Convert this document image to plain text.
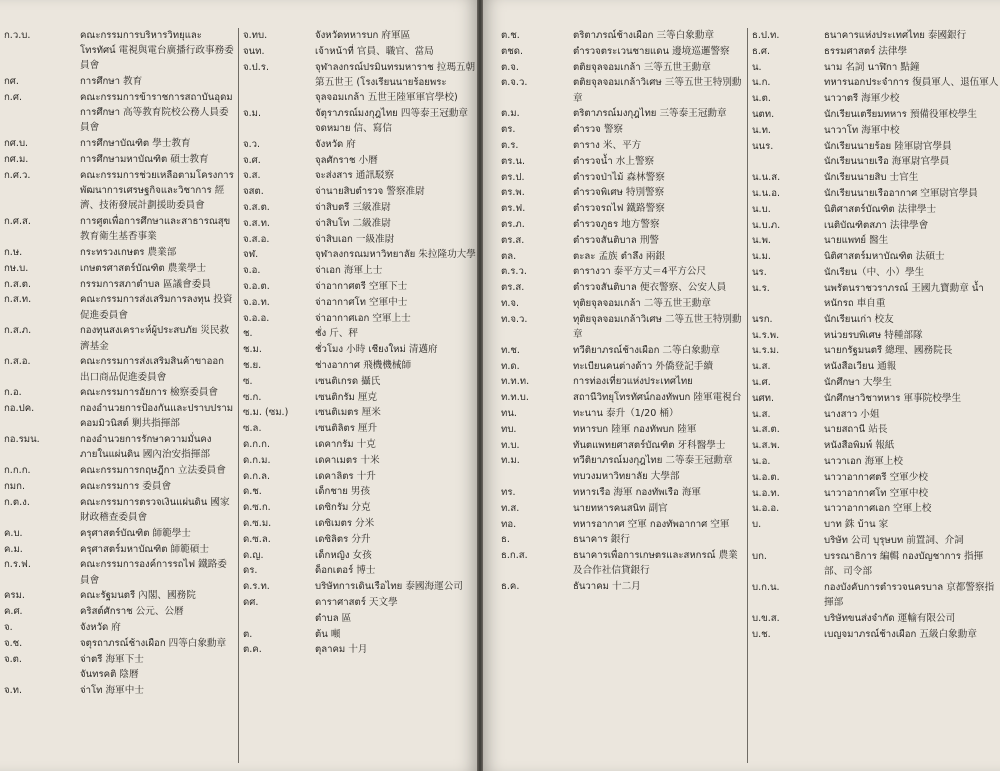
ก.ว.บ.	คณะกรรมการบริหารวิทยุและโทรทัศน์ 電視與電台廣播行政事務委員會
กศ.	การศึกษา 教育
ก.ศ.	คณะกรรมการข้าราชการสถาบันอุดมการศึกษา 高等教育院校公務人員委員會
กศ.บ.	การศึกษาบัณฑิต 學士教育
กศ.ม.	การศึกษามหาบัณฑิต 碩士教育
ก.ศ.ว.	คณะกรรมการช่วยเหลือตามโครงการพัฒนาการเศรษฐกิจและวิชาการ 經濟、技術發展計劃援助委員會
ก.ศ.ส.	การศูตเพื่อการศึกษาและสาธารณสุข 教育衛生基香事業
ก.ษ.	กระทรวงเกษตร 農業部
กษ.บ.	เกษตรศาสตร์บัณฑิต 農業學士
ก.ส.ต.	กรรมการสภาตำบล 區議會委員
ก.ส.ท.	คณะกรรมการส่งเสริมการลงทุน 投資促進委員會
ก.ส.ภ.	กองทุนสงเคราะห์ผู้ประสบภัย 災民救濟基金
ก.ส.อ.	คณะกรรมการส่งเสริมสินค้าขาออก 出口商品促進委員會
ก.อ.	คณะกรรมการอัยการ 檢察委員會
กอ.ปค.	กองอำนวยการป้องกันและปราบปรามคอมมิวนิสต์ 剿共指揮部
กอ.รมน.	กองอำนวยการรักษาความมั่นคงภายในแผ่นดิน 國內治安指揮部
ก.ก.ก.	คณะกรรมการกฤษฎีกา 立法委員會
กมก.	คณะกรรมการ 委員會
ก.ต.ง.	คณะกรรมการตรวจเงินแผ่นดิน 國家財政稽查委員會
ค.บ.	ครุศาสตร์บัณฑิต 師範學士
ค.ม.	ครุศาสตร์มหาบัณฑิต 師範碩士
ก.ร.ฟ.	คณะกรรมการองค์การรถไฟ 鐵路委員會
ครม.	คณะรัฐมนตรี 內閣、國務院
ค.ศ.	คริสต์ศักราช 公元、公曆
จ.	จังหวัด 府
จ.ช.	จตุรถาภรณ์ช้างเผือก 四等白象勳章
จ.ต.	จ่าตรี 海軍下士
จันทรคติ 陰曆
จ.ท.	จ่าโท 海軍中士
จ.ทบ.	จังหวัดทหารบก 府軍區
จนท.	เจ้าหน้าที่ 官員、職官、當局
จ.ป.ร.	จุฬาลงกรณ์ปรมินทรมหาราช 拉瑪五朝第五世王 (โรงเรียนนายร้อยพระจุลจอมเกล้า 五世王陸軍軍官學校)
จ.ม.	จัตุราภรณ์มงกุฎไทย 四等泰王冠勳章 จดหมาย 信、寫信
จ.ว.	จังหวัด 府
จ.ศ.	จุลศักราช 小曆
จ.ส.	จะส่งสาร 通訊駁察
จสต.	จ่านายสิบตำรวจ 警察准尉
จ.ส.ต.	จ่าสิบตรี 三級准尉
จ.ส.ท.	จ่าสิบโท 二級准尉
จ.ส.อ.	จ่าสิบเอก 一級准尉
จฬ.	จุฬาลงกรณมหาวิทยาลัย 朱拉隆功大學
จ.อ.	จ่าเอก 海軍上士
จ.อ.ต.	จ่าอากาศตรี 空軍下士
จ.อ.ท.	จ่าอากาศโท 空軍中士
จ.อ.อ.	จ่าอากาศเอก 空軍上士
ช.	ชั่ง 斤、秤
ช.ม.	ชั่วโมง 小時 เชียงใหม่ 清邁府
ช.ย.	ช่างอากาศ 飛機機械師
ซ.	เซนติเกรด 攝氏
ซ.ก.	เซนติกรัม 厘克
ซ.ม. (ซม.)	เซนติเมตร 厘米
ซ.ล.	เซนติลิตร 厘升
ด.ก.ก.	เดคากรัม 十克
ด.ก.ม.	เดคาเมตร 十米
ด.ก.ล.	เดคาลิตร 十升
ด.ช.	เด็กชาย 男孩
ด.ซ.ก.	เดซิกรัม 分克
ด.ซ.ม.	เดซิเมตร 分米
ด.ซ.ล.	เดซิลิตร 分升
ด.ญ.	เด็กหญิง 女孩
ดร.	ด็อกเตอร์ 博士
ด.ร.ท.	บริษัทการเดินเรือไทย 泰國海運公司
ดศ.	ดาราศาสตร์ 天文學
ตำบล 區
ต.	ต้น 噸
ต.ค.	ตุลาคม 十月
ต.ช.	ตริตาภรณ์ช้างเผือก 三等白象勳章
ตชด.	ตำรวจตระเวนชายแดน 邊境巡邏警察
ต.จ.	ตติยจุลจอมเกล้า 三等五世王勳章
ต.จ.ว.	ตติยจุลจอมเกล้าวิเศษ 三等五世王特別勳章
ต.ม.	ตริตาภรณ์มงกุฎไทย 三等泰王冠勳章
ตร.	ตำรวจ 警察
ต.ร.	ตาราง 米、平方
ตร.น.	ตำรวจน้ำ 水上警察
ตร.ป.	ตำรวจป่าไม้ 森林警察
ตร.พ.	ตำรวจพิเศษ 特別警察
ตร.ฟ.	ตำรวจรถไฟ 鐵路警察
ตร.ภ.	ตำรวจภูธร 地方警察
ตร.ส.	ตำรวจสันติบาล 刑警
ตล.	ตะละ 孟族 ตำลึง 兩銀
ต.ร.ว.	ตารางวา 泰平方丈＝4平方公尺
ตร.ส.	ตำรวจสันติบาล 便衣警察、公安人員
ท.จ.	ทุติยจุลจอมเกล้า 二等五世王勳章
ท.จ.ว.	ทุติยจุลจอมเกล้าวิเศษ 二等五世王特別勳章
ท.ช.	ทวีติยาภรณ์ช้างเผือก 二等白象勳章
ท.ด.	ทะเบียนคนต่างด้าว 外僑登記手續
ท.ท.ท.	การท่องเที่ยวแห่งประเทศไทย
ท.ท.บ.	สถานีวิทยุโทรทัศน์กองทัพบก 陸軍電視台
ทน.	ทะนาน 泰升（1/20 桶）
ทบ.	ทหารบก 陸軍 กองทัพบก 陸軍
ท.บ.	ทันตแพทยศาสตร์บัณฑิต 牙科醫學士
ท.ม.	ทวีติยาภรณ์มงกุฎไทย 二等泰王冠勳章
ทบวงมหาวิทยาลัย 大學部
ทร.	ทหารเรือ 海軍 กองทัพเรือ 海軍
ท.ส.	นายทหารคนสนิท 副官
ทอ.	ทหารอากาศ 空軍 กองทัพอากาศ 空軍
ธ.	ธนาคาร 銀行
ธ.ก.ส.	ธนาคารเพื่อการเกษตรและสหกรณ์ 農業及合作社信貸銀行
ธ.ค.	ธันวาคม 十二月
ธ.ป.ท.	ธนาคารแห่งประเทศไทย 泰國銀行
ธ.ศ.	ธรรมศาสตร์ 法律學
น.	นาม 名詞 นาฬิกา 點鐘
น.ก.	ทหารนอกประจำการ 復員軍人、退伍軍人
น.ต.	นาวาตรี 海軍少校
นตท.	นักเรียนเตรียมทหาร 預備役軍校學生
น.ท.	นาวาโท 海軍中校
นนร.	นักเรียนนายร้อย 陸軍尉官學員
นักเรียนนายเรือ 海軍尉官學員
น.น.ส.	นักเรียนนายสิบ 士官生
น.น.อ.	นักเรียนนายเรืออากาศ 空軍尉官學員
น.บ.	นิติศาสตร์บัณฑิต 法律學士
น.บ.ภ.	เนติบัณฑิตสภา 法律學會
น.พ.	นายแพทย์ 醫生
น.ม.	นิติศาสตร์มหาบัณฑิต 法碩士
นร.	นักเรียน（中、小）學生
น.ร.	นพรัตนราชวราภรณ์ 王國九寶勳章 น้ำหนักรถ 車自重
นรก.	นักเรียนเก่า 校友
น.ร.พ.	หน่วยรบพิเศษ 特種部隊
น.ร.ม.	นายกรัฐมนตรี 總理、國務院長
น.ส.	หนังสือเวียน 通報
น.ศ.	นักศึกษา 大學生
นศท.	นักศึกษาวิชาทหาร 軍事院校學生
น.ส.	นางสาว 小姐
น.ส.ต.	นายสถานี 站長
น.ส.พ.	หนังสือพิมพ์ 報紙
น.อ.	นาวาเอก 海軍上校
น.อ.ต.	นาวาอากาศตรี 空軍少校
น.อ.ท.	นาวาอากาศโท 空軍中校
น.อ.อ.	นาวาอากาศเอก 空軍上校
บ.	บาท 銖 บ้าน 家
บริษัท 公司 บุรุษบท 前置詞、介詞
บก.	บรรณาธิการ 編輯 กองบัญชาการ 指揮部、司令部
บ.ก.น.	กองบังคับการตำรวจนครบาล 京都警察指揮部
บ.ข.ส.	บริษัทขนส่งจำกัด 運輸有限公司
บ.ช.	เบญจมาภรณ์ช้างเผือก 五級白象勳章
